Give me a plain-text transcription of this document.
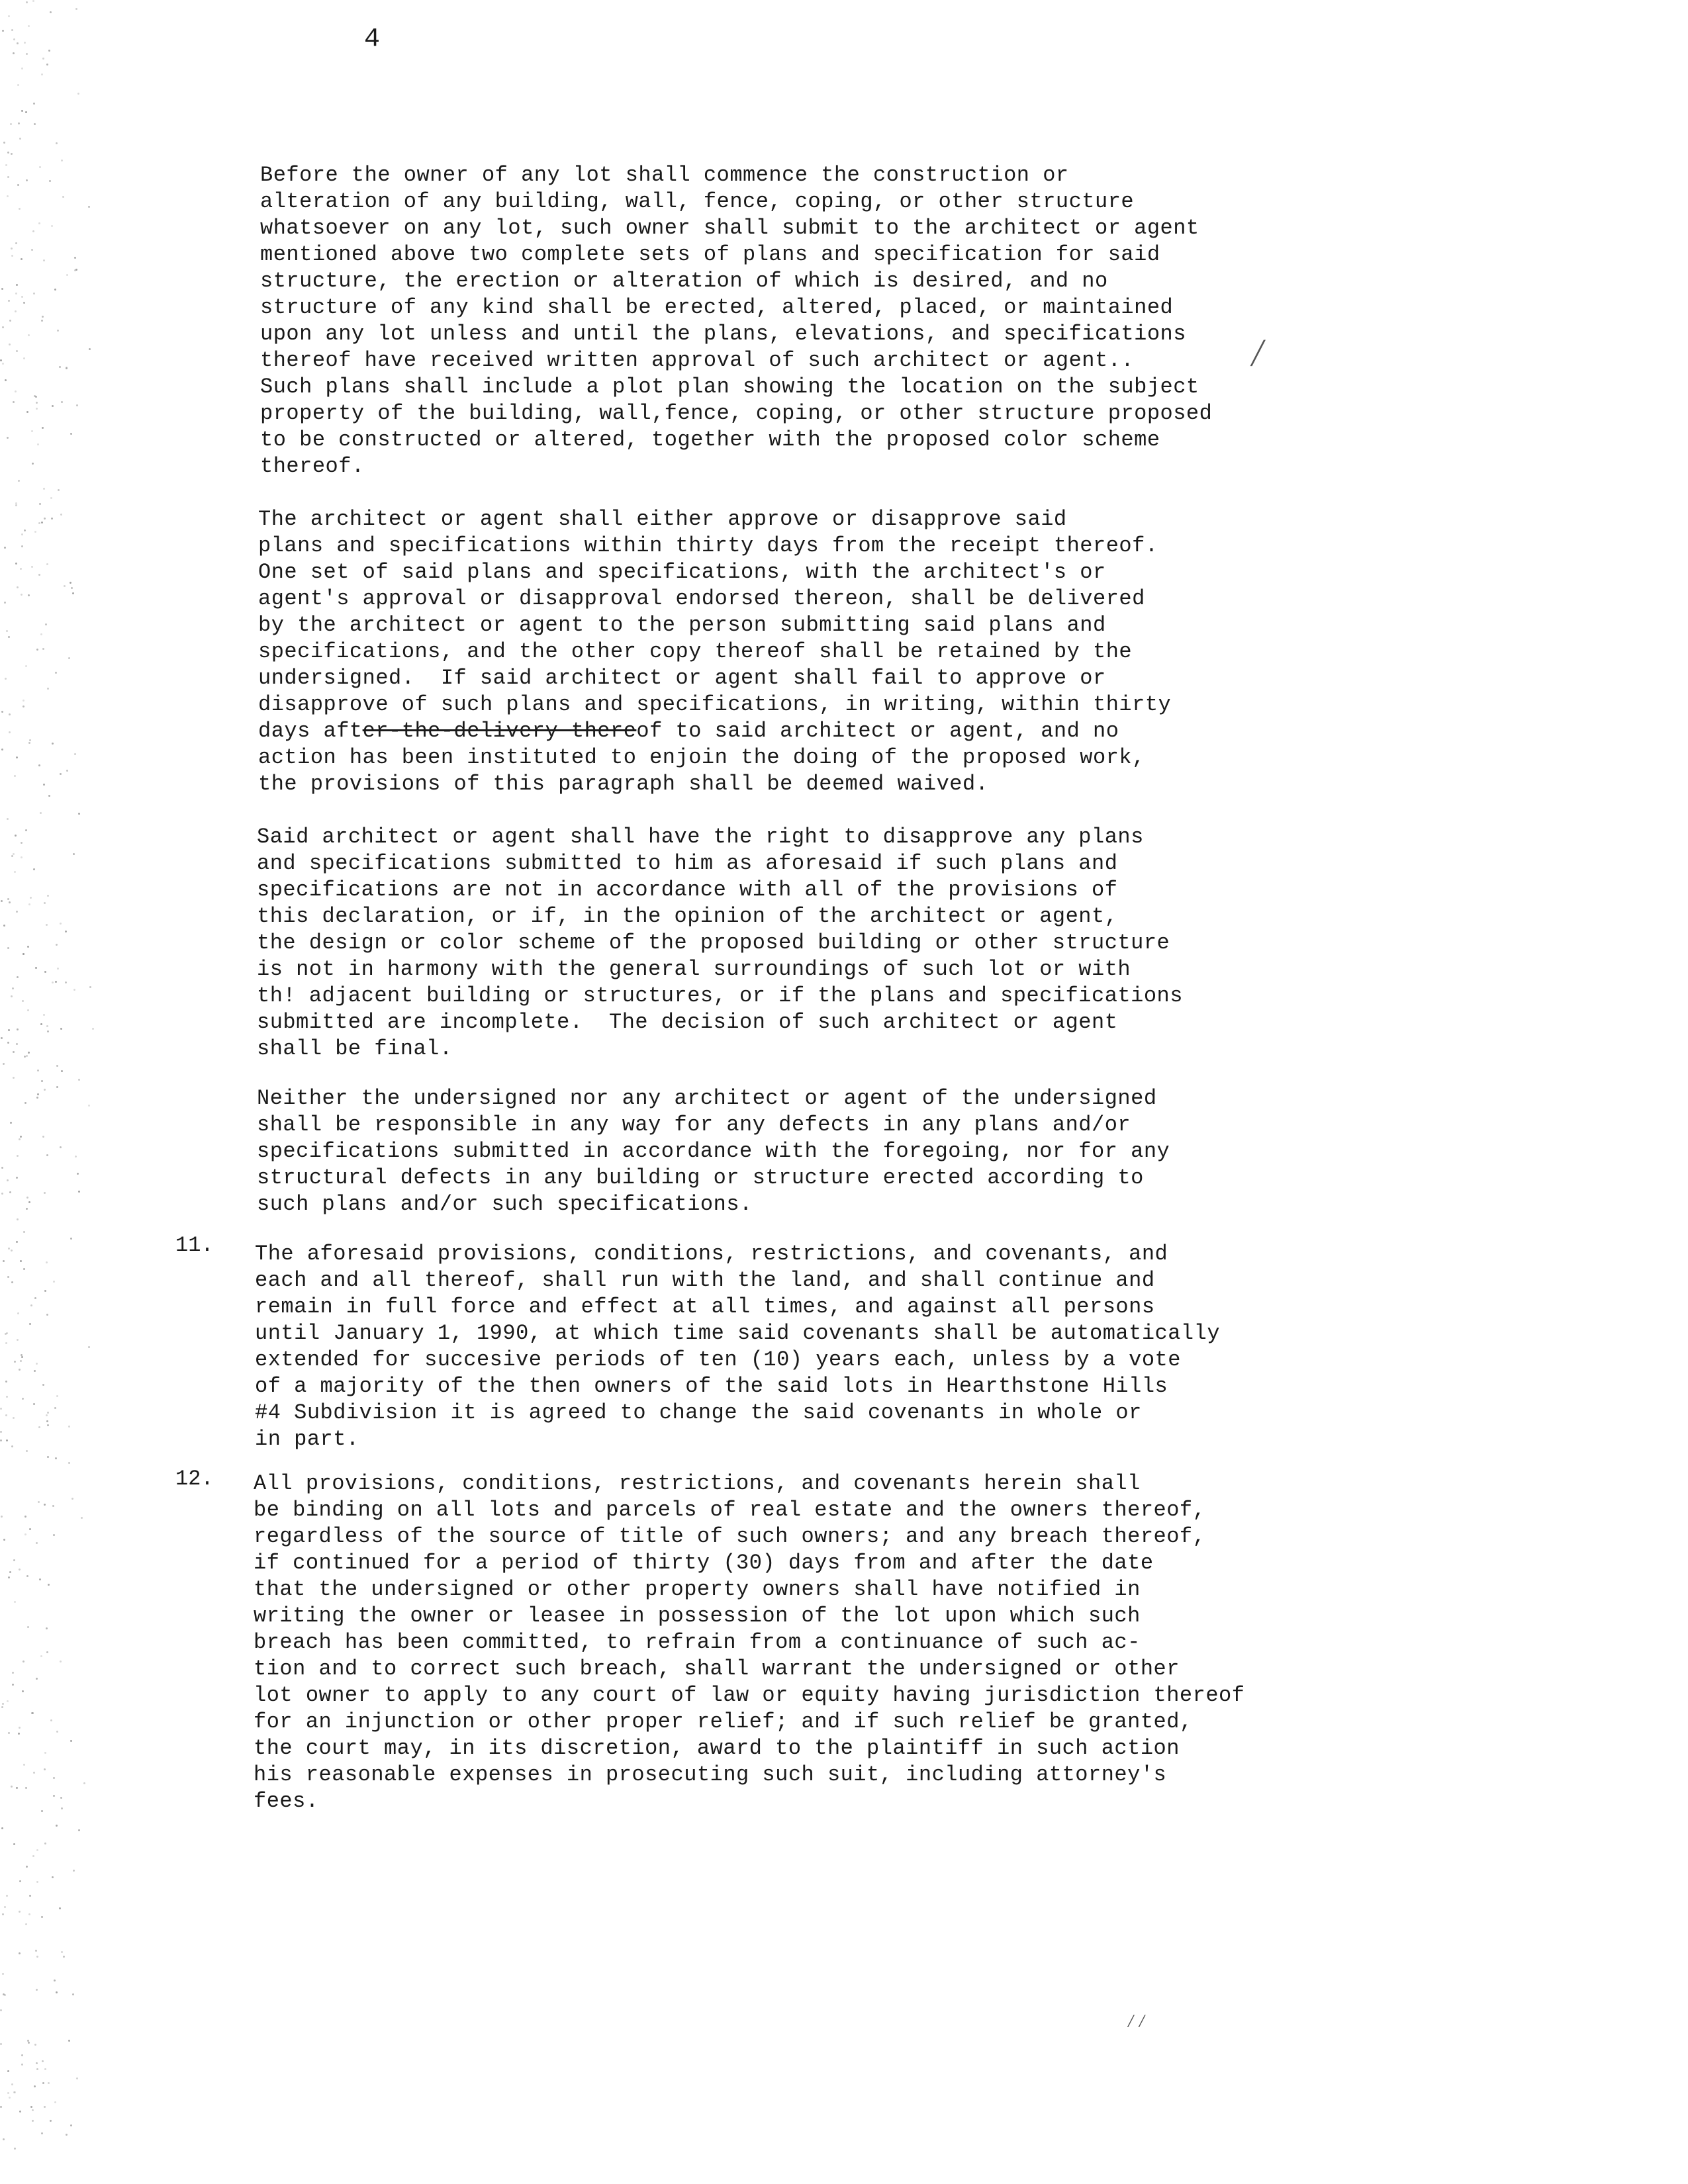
4
╱
⁄⁄
Before the owner of any lot shall commence the construction or
alteration of any building, wall, fence, coping, or other structure
whatsoever on any lot, such owner shall submit to the architect or agent
mentioned above two complete sets of plans and specification for said
structure, the erection or alteration of which is desired, and no
structure of any kind shall be erected, altered, placed, or maintained
upon any lot unless and until the plans, elevations, and specifications
thereof have received written approval of such architect or agent..
Such plans shall include a plot plan showing the location on the subject
property of the building, wall,fence, coping, or other structure proposed
to be constructed or altered, together with the proposed color scheme
thereof.
The architect or agent shall either approve or disapprove said
plans and specifications within thirty days from the receipt thereof.
One set of said plans and specifications, with the architect's or
agent's approval or disapproval endorsed thereon, shall be delivered
by the architect or agent to the person submitting said plans and
specifications, and the other copy thereof shall be retained by the
undersigned.  If said architect or agent shall fail to approve or
disapprove of such plans and specifications, in writing, within thirty
days after-the-delivery thereof to said architect or agent, and no
action has been instituted to enjoin the doing of the proposed work,
the provisions of this paragraph shall be deemed waived.
Said architect or agent shall have the right to disapprove any plans
and specifications submitted to him as aforesaid if such plans and
specifications are not in accordance with all of the provisions of
this declaration, or if, in the opinion of the architect or agent,
the design or color scheme of the proposed building or other structure
is not in harmony with the general surroundings of such lot or with
th! adjacent building or structures, or if the plans and specifications
submitted are incomplete.  The decision of such architect or agent
shall be final.
Neither the undersigned nor any architect or agent of the undersigned
shall be responsible in any way for any defects in any plans and/or
specifications submitted in accordance with the foregoing, nor for any
structural defects in any building or structure erected according to
such plans and/or such specifications.
11. The aforesaid provisions, conditions, restrictions, and covenants, and
each and all thereof, shall run with the land, and shall continue and
remain in full force and effect at all times, and against all persons
until January 1, 1990, at which time said covenants shall be automatically
extended for succesive periods of ten (10) years each, unless by a vote
of a majority of the then owners of the said lots in Hearthstone Hills
#4 Subdivision it is agreed to change the said covenants in whole or
in part.
12. All provisions, conditions, restrictions, and covenants herein shall
be binding on all lots and parcels of real estate and the owners thereof,
regardless of the source of title of such owners; and any breach thereof,
if continued for a period of thirty (30) days from and after the date
that the undersigned or other property owners shall have notified in
writing the owner or leasee in possession of the lot upon which such
breach has been committed, to refrain from a continuance of such ac-
tion and to correct such breach, shall warrant the undersigned or other
lot owner to apply to any court of law or equity having jurisdiction thereof
for an injunction or other proper relief; and if such relief be granted,
the court may, in its discretion, award to the plaintiff in such action
his reasonable expenses in prosecuting such suit, including attorney's
fees.
